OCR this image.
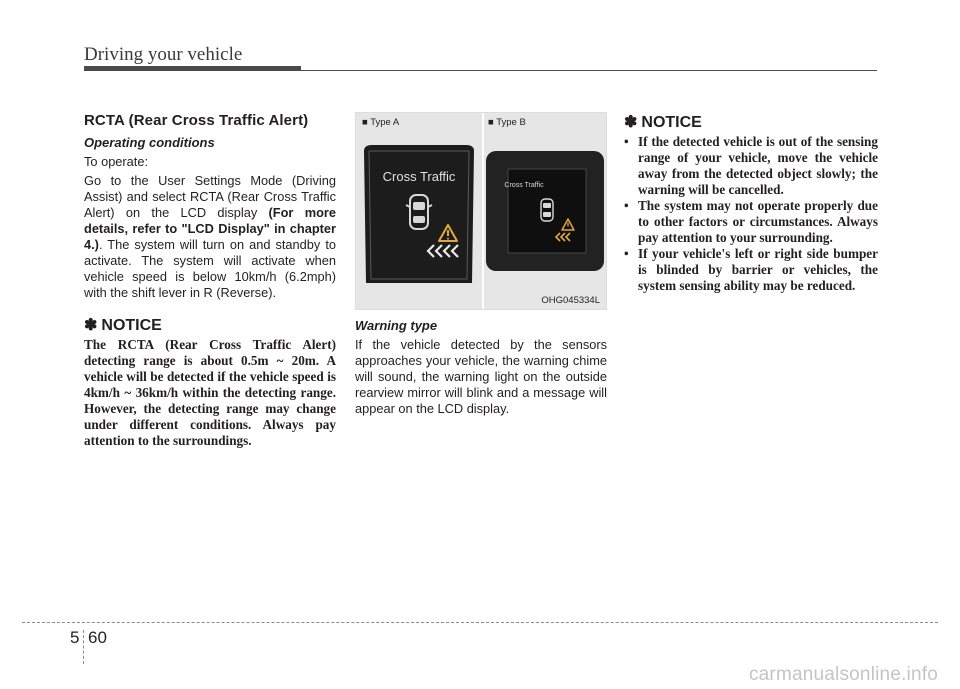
Driving your vehicle
RCTA (Rear Cross Traffic Alert)
Operating conditions

To operate:

Go to the User Settings Mode (Driving Assist) and select RCTA (Rear Cross Traffic Alert) on the LCD display (For more details, refer to "LCD Display" in chapter 4.). The system will turn on and standby to activate. The system will activate when vehicle speed is below 10km/h (6.2mph) with the shift lever in R (Reverse).

✽ NOTICE

The RCTA (Rear Cross Traffic Alert) detecting range is about 0.5m ~ 20m. A vehicle will be detected if the vehicle speed is 4km/h ~ 36km/h within the detecting range. However, the detecting range may change under different conditions. Always pay attention to the surroundings.

■ Type A	■ Type B
Cross Traffic
Cross Traffic
OHG045334L
Warning type

If the vehicle detected by the sensors approaches your vehicle, the warning chime will sound, the warning light on the outside rearview mirror will blink and a message will appear on the LCD display.

✽ NOTICE
• If the detected vehicle is out of the sensing range of your vehicle, move the vehicle away from the detected object slowly; the warning will be cancelled.
• The system may not operate properly due to other factors or circumstances. Always pay attention to your surrounding.
• If your vehicle's left or right side bumper is blinded by barrier or vehicles, the system sensing ability may be reduced.
5 60
carmanualsonline.info
